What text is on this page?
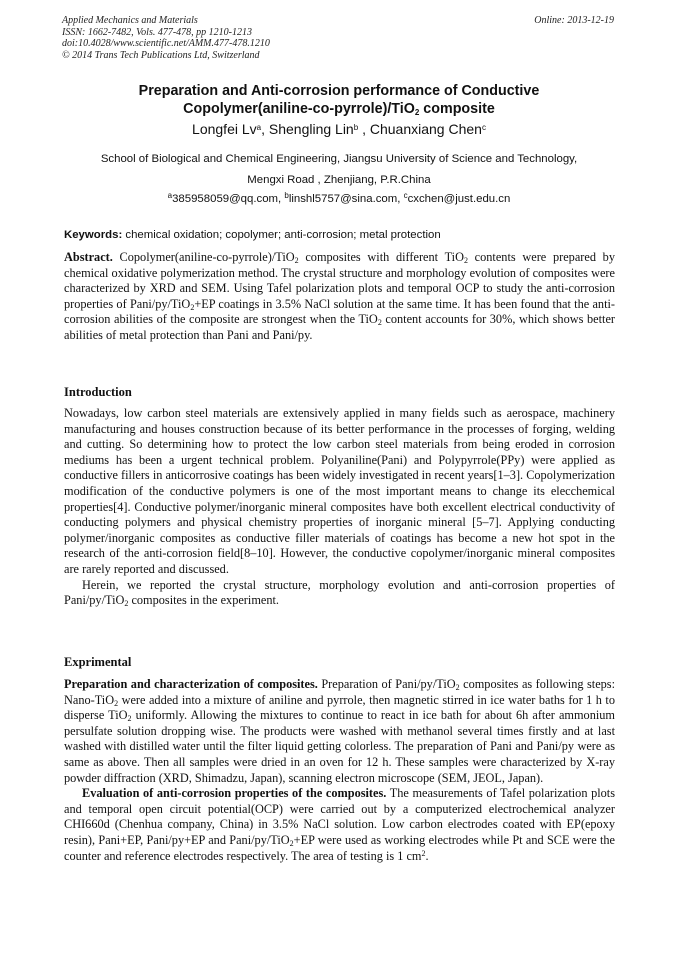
Applied Mechanics and Materials
ISSN: 1662-7482, Vols. 477-478, pp 1210-1213
doi:10.4028/www.scientific.net/AMM.477-478.1210
© 2014 Trans Tech Publications Ltd, Switzerland
Online: 2013-12-19
Preparation and Anti-corrosion performance of Conductive
Copolymer(aniline-co-pyrrole)/TiO$_2$ composite
Longfei Lv$^a$, Shengling Lin$^b$ , Chuanxiang Chen$^c$
School of Biological and Chemical Engineering, Jiangsu University of Science and Technology,
Mengxi Road , Zhenjiang, P.R.China
$^a$385958059@qq.com, $^b$linshl5757@sina.com, $^c$cxchen@just.edu.cn
Keywords: chemical oxidation; copolymer; anti-corrosion; metal protection

Abstract. Copolymer(aniline-co-pyrrole)/TiO$_2$ composites with different TiO$_2$ contents were prepared by chemical oxidative polymerization method. The crystal structure and morphology evolution of composites were characterized by XRD and SEM. Using Tafel polarization plots and temporal OCP to study the anti-corrosion properties of Pani/py/TiO$_2$+EP coatings in 3.5% NaCl solution at the same time. It has been found that the anti-corrosion abilities of the composite are strongest when the TiO$_2$ content accounts for 30%, which shows better abilities of metal protection than Pani and Pani/py.

Introduction

Nowadays, low carbon steel materials are extensively applied in many fields such as aerospace, machinery manufacturing and houses construction because of its better performance in the processes of forging, welding and cutting. So determining how to protect the low carbon steel materials from being eroded in corrosion mediums has been a urgent technical problem. Polyaniline(Pani) and Polypyrrole(PPy) were applied as conductive fillers in anticorrosive coatings has been widely investigated in recent years[1–3]. Copolymerization modification of the conductive polymers is one of the most important means to change its elecchemical properties[4]. Conductive polymer/inorganic mineral composites have both excellent electrical conductivity of conducting polymers and physical chemistry properties of inorganic mineral [5–7]. Applying conducting polymer/inorganic composites as conductive filler materials of coatings has become a new hot spot in the research of the anti-corrosion field[8–10]. However, the conductive copolymer/inorganic mineral composites are rarely reported and discussed.

Herein, we reported the crystal structure, morphology evolution and anti-corrosion properties of Pani/py/TiO$_2$ composites in the experiment.

Exprimental

Preparation and characterization of composites. Preparation of Pani/py/TiO$_2$ composites as following steps: Nano-TiO$_2$ were added into a mixture of aniline and pyrrole, then magnetic stirred in ice water baths for 1 h to disperse TiO$_2$ uniformly. Allowing the mixtures to continue to react in ice bath for about 6h after ammonium persulfate solution dropping wise. The products were washed with methanol several times firstly and at last washed with distilled water until the filter liquid getting colorless. The preparation of Pani and Pani/py were as same as above. Then all samples were dried in an oven for 12 h. These samples were characterized by X-ray powder diffraction (XRD, Shimadzu, Japan), scanning electron microscope (SEM, JEOL, Japan).

Evaluation of anti-corrosion properties of the composites. The measurements of Tafel polarization plots and temporal open circuit potential(OCP) were carried out by a computerized electrochemical analyzer CHI660d (Chenhua company, China) in 3.5% NaCl solution. Low carbon electrodes coated with EP(epoxy resin), Pani+EP, Pani/py+EP and Pani/py/TiO$_2$+EP were used as working electrodes while Pt and SCE were the counter and reference electrodes respectively. The area of testing is 1 $cm^2$.
